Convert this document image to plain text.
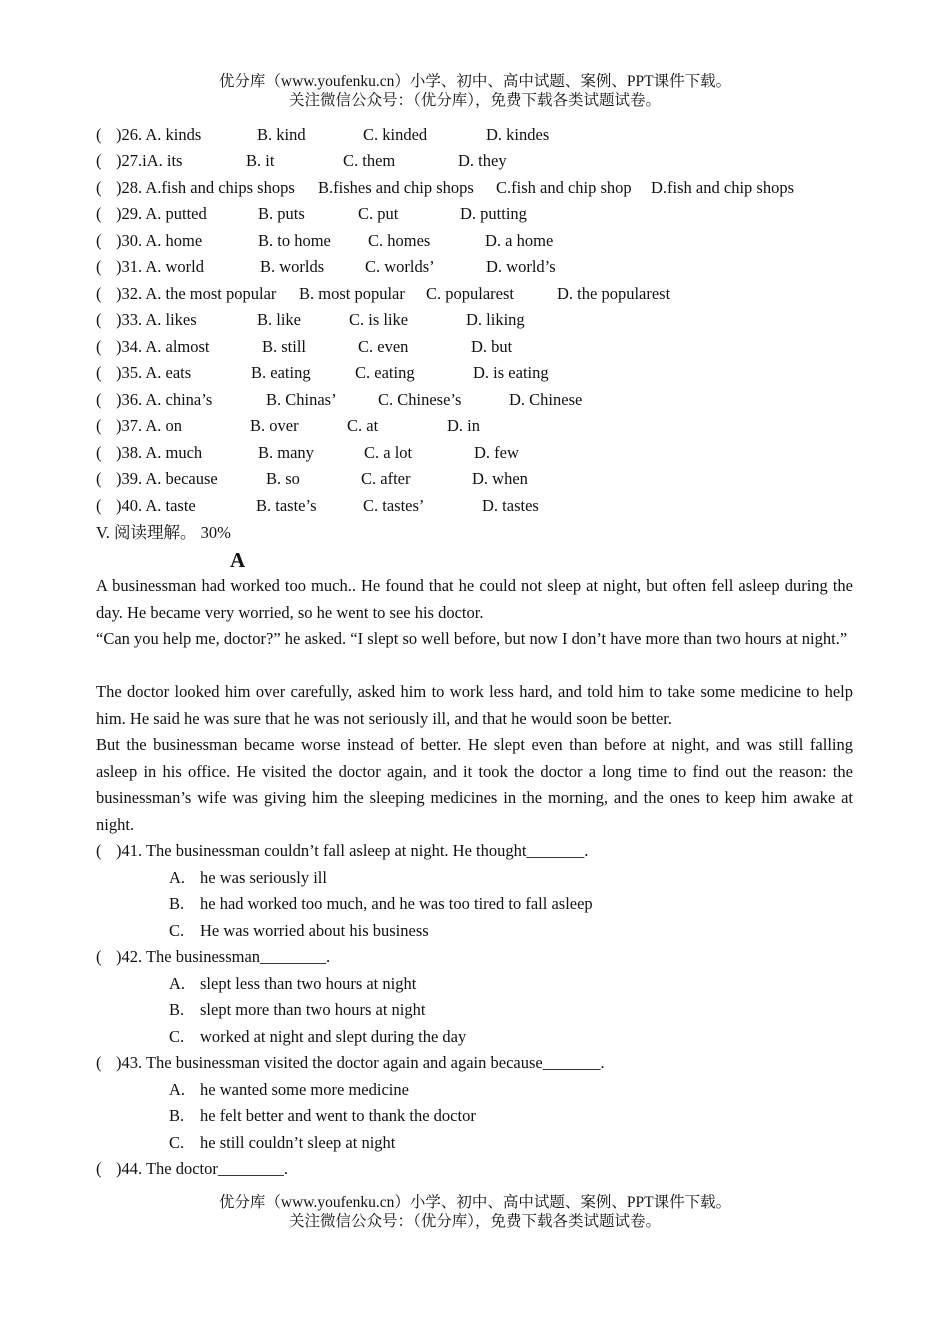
优分库（www.youfenku.cn）小学、初中、高中试题、案例、PPT课件下载。
关注微信公众号：（优分库），免费下载各类试题试卷。
( )26. A. kinds	B. kind	C. kinded	D. kindes
( )27.iA. its	B. it	C. them	D. they
( )28. A.fish and chips shops B.fishes and chip shops C.fish and chip shop D.fish and chip shops
( )29. A. putted	B. puts	C. put	D. putting
( )30. A. home	B. to home C. homes	D. a home
( )31. A. world	B. worlds C. worlds’	D. world’s
( )32. A. the most popular B. most popular C. popularest	D. the popularest
( )33. A. likes	B. like	C. is like	D. liking
( )34. A. almost	B. still	C. even	D. but
( )35. A. eats	B. eating	C. eating	D. is eating
( )36. A. china’s	B. Chinas’	C. Chinese’s	D. Chinese
( )37. A. on	B. over	C. at	D. in
( )38. A. much	B. many	C. a lot	D. few
( )39. A. because	B. so	C. after	D. when
( )40. A. taste	B. taste’s	C. tastes’	D. tastes
V. 阅读理解。 30%
A

A businessman had worked too much.. He found that he could not sleep at night, but often fell asleep during the day. He became very worried, so he went to see his doctor.

“Can you help me, doctor?” he asked. “I slept so well before, but now I don’t have more than two hours at night.”

The doctor looked him over carefully, asked him to work less hard, and told him to take some medicine to help him. He said he was sure that he was not seriously ill, and that he would soon be better.

But the businessman became worse instead of better. He slept even than before at night, and was still falling asleep in his office. He visited the doctor again, and it took the doctor a long time to find out the reason: the businessman’s wife was giving him the sleeping medicines in the morning, and the ones to keep him awake at night.

( )41. The businessman couldn’t fall asleep at night. He thought_______.
A. he was seriously ill
B. he had worked too much, and he was too tired to fall asleep
C. He was worried about his business
( )42. The businessman________.
A. slept less than two hours at night
B. slept more than two hours at night
C. worked at night and slept during the day
( )43. The businessman visited the doctor again and again because_______.
A. he wanted some more medicine
B. he felt better and went to thank the doctor
C. he still couldn’t sleep at night
( )44. The doctor________.
优分库（www.youfenku.cn）小学、初中、高中试题、案例、PPT课件下载。
关注微信公众号：（优分库），免费下载各类试题试卷。
